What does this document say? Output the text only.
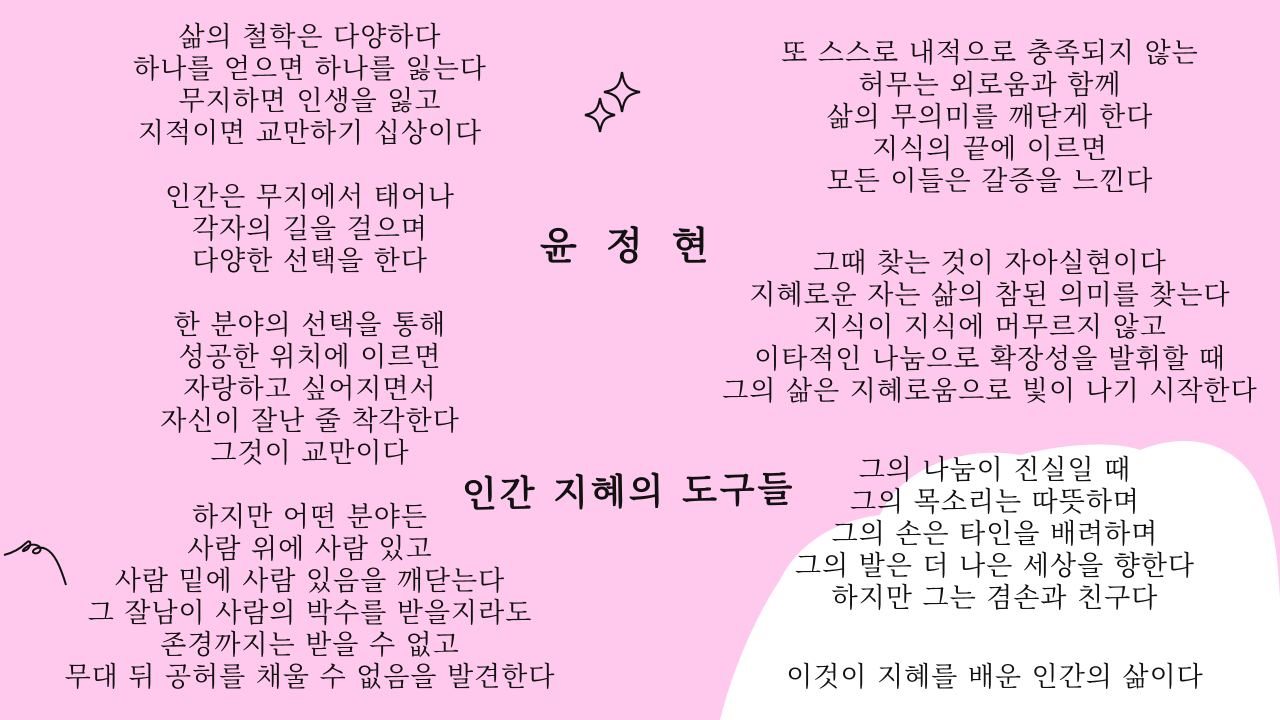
윤 정 현
인간 지혜의 도구들
삶의 철학은 다양하다
하나를 얻으면 하나를 잃는다
무지하면 인생을 잃고
지적이면 교만하기 십상이다
인간은 무지에서 태어나
각자의 길을 걸으며
다양한 선택을 한다
한 분야의 선택을 통해
성공한 위치에 이르면
자랑하고 싶어지면서
자신이 잘난 줄 착각한다
그것이 교만이다
하지만 어떤 분야든
사람 위에 사람 있고
사람 밑에 사람 있음을 깨닫는다
그 잘남이 사람의 박수를 받을지라도
존경까지는 받을 수 없고
무대 뒤 공허를 채울 수 없음을 발견한다
또 스스로 내적으로 충족되지 않는
허무는 외로움과 함께
삶의 무의미를 깨닫게 한다
지식의 끝에 이르면
모든 이들은 갈증을 느낀다
그때 찾는 것이 자아실현이다
지혜로운 자는 삶의 참된 의미를 찾는다
지식이 지식에 머무르지 않고
이타적인 나눔으로 확장성을 발휘할 때
그의 삶은 지혜로움으로 빛이 나기 시작한다
그의 나눔이 진실일 때
그의 목소리는 따뜻하며
그의 손은 타인을 배려하며
그의 발은 더 나은 세상을 향한다
하지만 그는 겸손과 친구다
이것이 지혜를 배운 인간의 삶이다
